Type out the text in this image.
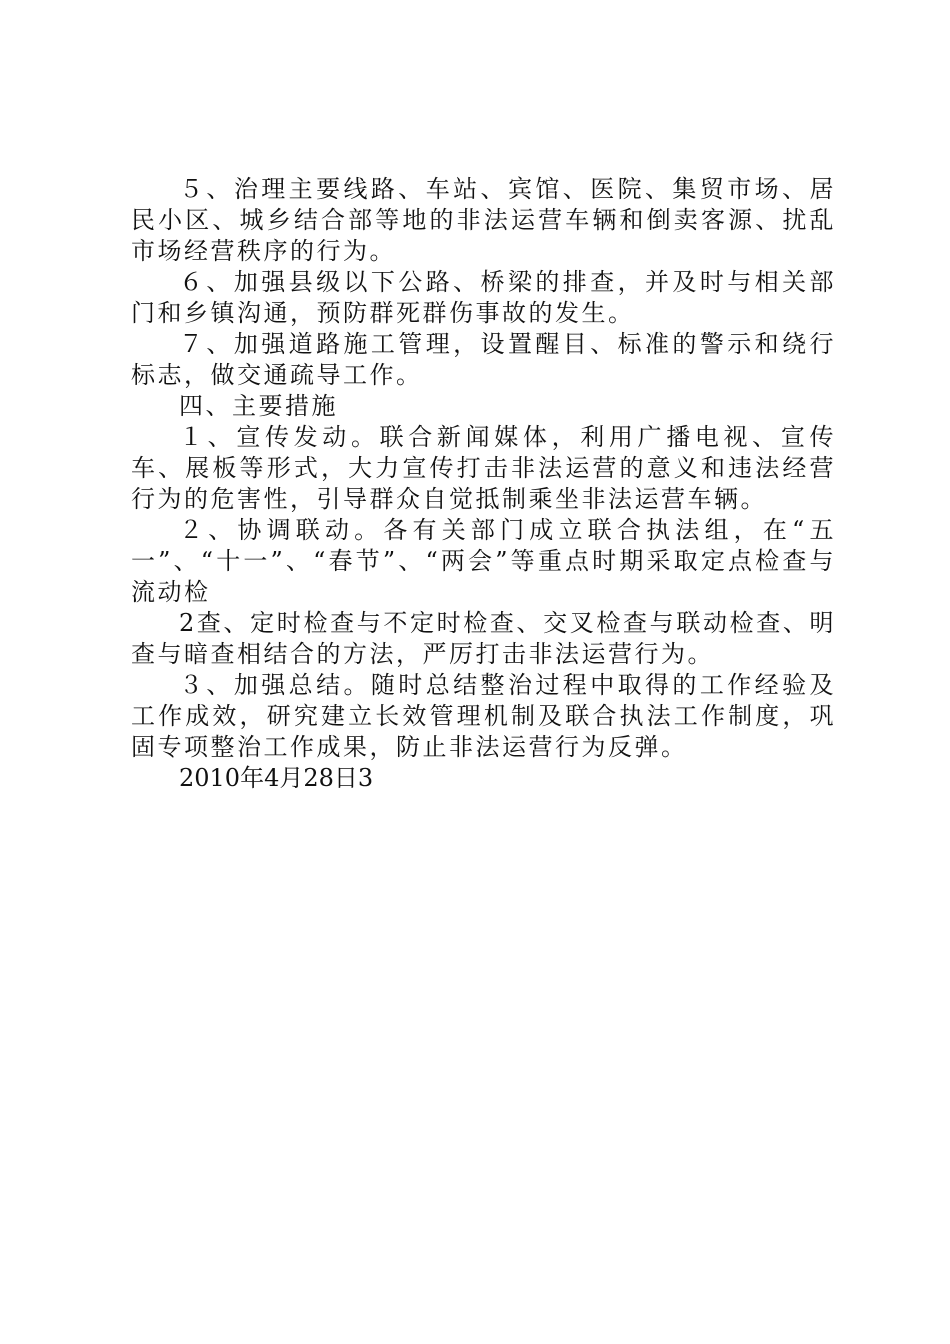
５、治理主要线路、车站、宾馆、医院、集贸市场、居民小区、城乡结合部等地的非法运营车辆和倒卖客源、扰乱市场经营秩序的行为。

６、加强县级以下公路、桥梁的排查，并及时与相关部门和乡镇沟通，预防群死群伤事故的发生。

７、加强道路施工管理，设置醒目、标准的警示和绕行标志，做交通疏导工作。

四、主要措施

１、宣传发动。联合新闻媒体，利用广播电视、宣传车、展板等形式，大力宣传打击非法运营的意义和违法经营行为的危害性，引导群众自觉抵制乘坐非法运营车辆。

２、协调联动。各有关部门成立联合执法组，在“五一”、“十一”、“春节”、“两会”等重点时期采取定点检查与流动检

2查、定时检查与不定时检查、交叉检查与联动检查、明查与暗查相结合的方法，严厉打击非法运营行为。

３、加强总结。随时总结整治过程中取得的工作经验及工作成效，研究建立长效管理机制及联合执法工作制度，巩固专项整治工作成果，防止非法运营行为反弹。

2010年4月28日3
